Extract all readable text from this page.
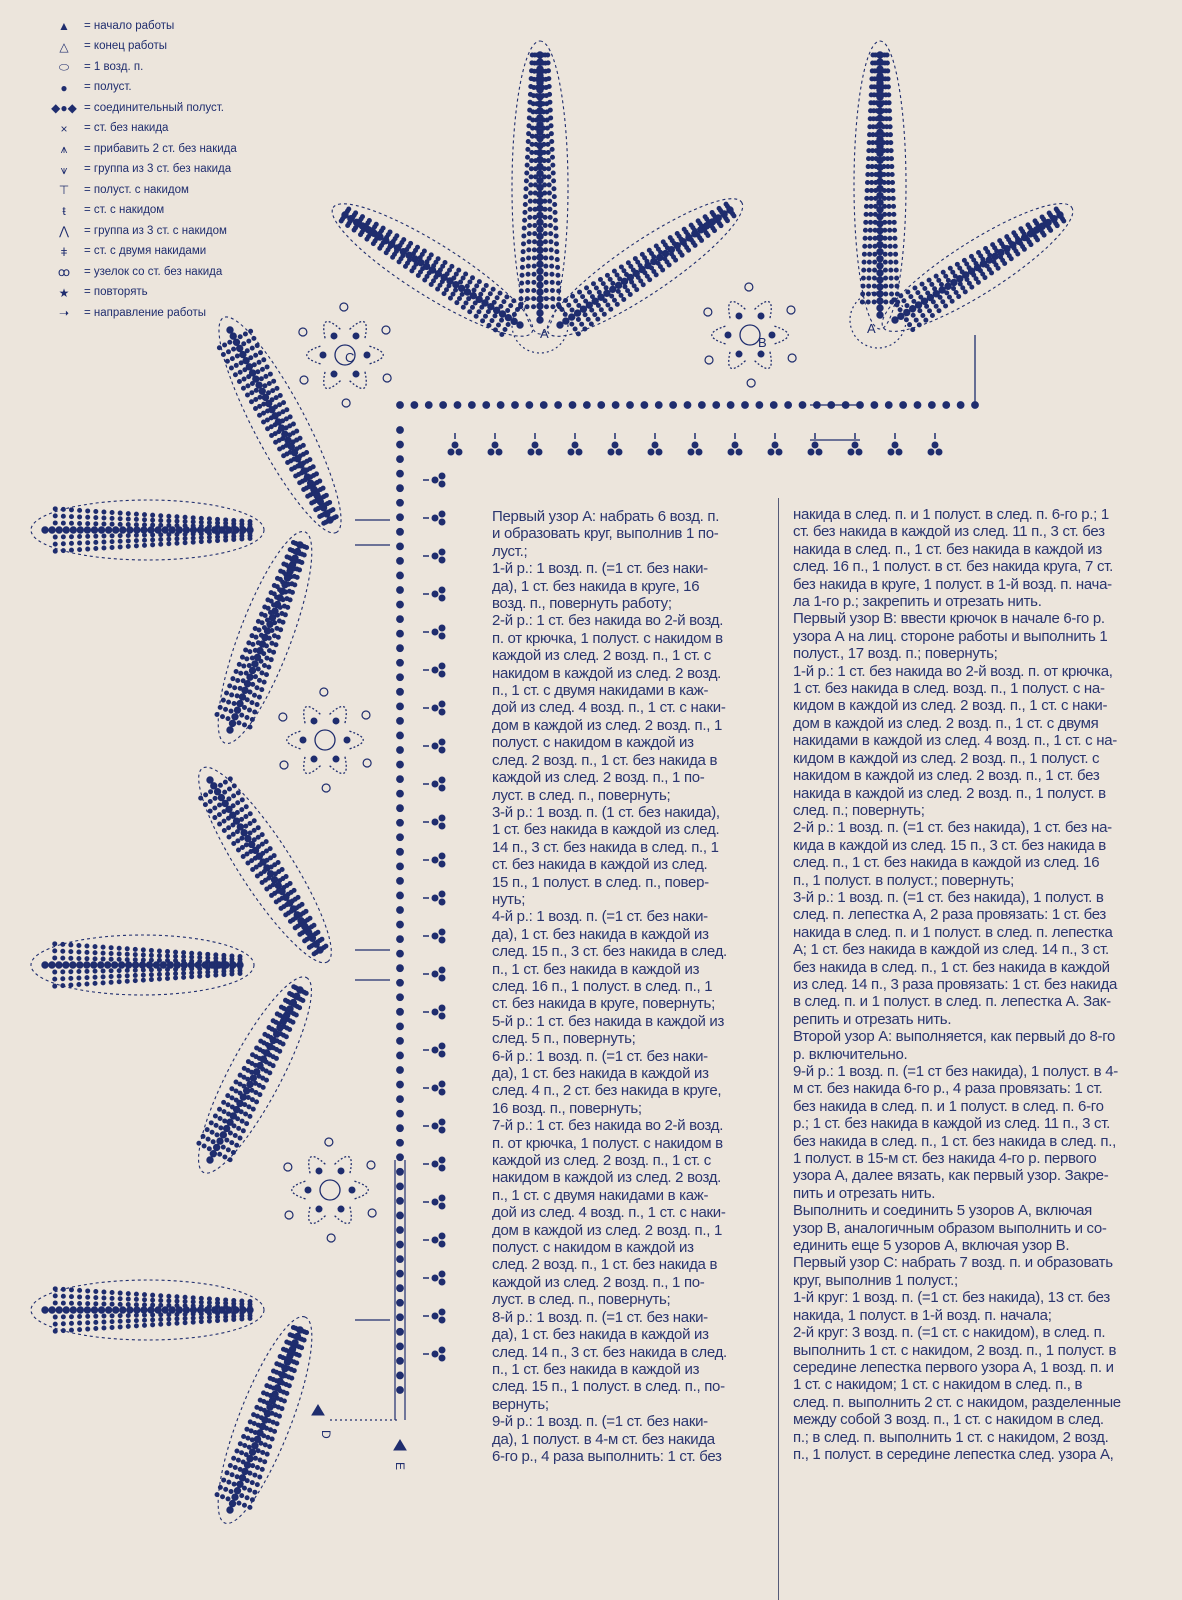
▲	= начало работы
△	= конец работы
⬭	= 1 возд. п.
●	= полуст.
◆●◆ = соединительный полуст.
×	= ст. без накида
⩚	= прибавить 2 ст. без накида
⩛	= группа из 3 ст. без накида
⊤	= полуст. с накидом
ŧ	= ст. с накидом
⋀	= группа из 3 ст. с накидом
ǂ	= ст. с двумя накидами
ꝏ	= узелок со ст. без накида
★	= повторять
➝	= направление работы
A	A
B
C
D
E

Первый узор А: набрать 6 возд. п.

и образовать круг, выполнив 1 по-

луст.;

1-й р.: 1 возд. п. (=1 ст. без наки-

да), 1 ст. без накида в круге, 16

возд. п., повернуть работу;

2-й р.: 1 ст. без накида во 2-й возд.

п. от крючка, 1 полуст. с накидом в

каждой из след. 2 возд. п., 1 ст. с

накидом в каждой из след. 2 возд.

п., 1 ст. с двумя накидами в каж-

дой из след. 4 возд. п., 1 ст. с наки-

дом в каждой из след. 2 возд. п., 1

полуст. с накидом в каждой из

след. 2 возд. п., 1 ст. без накида в

каждой из след. 2 возд. п., 1 по-

луст. в след. п., повернуть;

3-й р.: 1 возд. п. (1 ст. без накида),

1 ст. без накида в каждой из след.

14 п., 3 ст. без накида в след. п., 1

ст. без накида в каждой из след.

15 п., 1 полуст. в след. п., повер-

нуть;

4-й р.: 1 возд. п. (=1 ст. без наки-

да), 1 ст. без накида в каждой из

след. 15 п., 3 ст. без накида в след.

п., 1 ст. без накида в каждой из

след. 16 п., 1 полуст. в след. п., 1

ст. без накида в круге, повернуть;

5-й р.: 1 ст. без накида в каждой из

след. 5 п., повернуть;

6-й р.: 1 возд. п. (=1 ст. без наки-

да), 1 ст. без накида в каждой из

след. 4 п., 2 ст. без накида в круге,

16 возд. п., повернуть;

7-й р.: 1 ст. без накида во 2-й возд.

п. от крючка, 1 полуст. с накидом в

каждой из след. 2 возд. п., 1 ст. с

накидом в каждой из след. 2 возд.

п., 1 ст. с двумя накидами в каж-

дой из след. 4 возд. п., 1 ст. с наки-

дом в каждой из след. 2 возд. п., 1

полуст. с накидом в каждой из

след. 2 возд. п., 1 ст. без накида в

каждой из след. 2 возд. п., 1 по-

луст. в след. п., повернуть;

8-й р.: 1 возд. п. (=1 ст. без наки-

да), 1 ст. без накида в каждой из

след. 14 п., 3 ст. без накида в след.

п., 1 ст. без накида в каждой из

след. 15 п., 1 полуст. в след. п., по-

вернуть;

9-й р.: 1 возд. п. (=1 ст. без наки-

да), 1 полуст. в 4-м ст. без накида

6-го р., 4 раза выполнить: 1 ст. без

накида в след. п. и 1 полуст. в след. п. 6-го р.; 1

ст. без накида в каждой из след. 11 п., 3 ст. без

накида в след. п., 1 ст. без накида в каждой из

след. 16 п., 1 полуст. в ст. без накида круга, 7 ст.

без накида в круге, 1 полуст. в 1-й возд. п. нача-

ла 1-го р.; закрепить и отрезать нить.

Первый узор В: ввести крючок в начале 6-го р.

узора А на лиц. стороне работы и выполнить 1

полуст., 17 возд. п.; повернуть;

1-й р.: 1 ст. без накида во 2-й возд. п. от крючка,

1 ст. без накида в след. возд. п., 1 полуст. с на-

кидом в каждой из след. 2 возд. п., 1 ст. с наки-

дом в каждой из след. 2 возд. п., 1 ст. с двумя

накидами в каждой из след. 4 возд. п., 1 ст. с на-

кидом в каждой из след. 2 возд. п., 1 полуст. с

накидом в каждой из след. 2 возд. п., 1 ст. без

накида в каждой из след. 2 возд. п., 1 полуст. в

след. п.; повернуть;

2-й р.: 1 возд. п. (=1 ст. без накида), 1 ст. без на-

кида в каждой из след. 15 п., 3 ст. без накида в

след. п., 1 ст. без накида в каждой из след. 16

п., 1 полуст. в полуст.; повернуть;

3-й р.: 1 возд. п. (=1 ст. без накида), 1 полуст. в

след. п. лепестка А, 2 раза провязать: 1 ст. без

накида в след. п. и 1 полуст. в след. п. лепестка

А; 1 ст. без накида в каждой из след. 14 п., 3 ст.

без накида в след. п., 1 ст. без накида в каждой

из след. 14 п., 3 раза провязать: 1 ст. без накида

в след. п. и 1 полуст. в след. п. лепестка А. Зак-

репить и отрезать нить.

Второй узор А: выполняется, как первый до 8-го

р. включительно.

9-й р.: 1 возд. п. (=1 ст без накида), 1 полуст. в 4-

м ст. без накида 6-го р., 4 раза провязать: 1 ст.

без накида в след. п. и 1 полуст. в след. п. 6-го

р.; 1 ст. без накида в каждой из след. 11 п., 3 ст.

без накида в след. п., 1 ст. без накида в след. п.,

1 полуст. в 15-м ст. без накида 4-го р. первого

узора А, далее вязать, как первый узор. Закре-

пить и отрезать нить.

Выполнить и соединить 5 узоров А, включая

узор В, аналогичным образом выполнить и со-

единить еще 5 узоров А, включая узор В.

Первый узор С: набрать 7 возд. п. и образовать

круг, выполнив 1 полуст.;

1-й круг: 1 возд. п. (=1 ст. без накида), 13 ст. без

накида, 1 полуст. в 1-й возд. п. начала;

2-й круг: 3 возд. п. (=1 ст. с накидом), в след. п.

выполнить 1 ст. с накидом, 2 возд. п., 1 полуст. в

середине лепестка первого узора А, 1 возд. п. и

1 ст. с накидом; 1 ст. с накидом в след. п., в

след. п. выполнить 2 ст. с накидом, разделенные

между собой 3 возд. п., 1 ст. с накидом в след.

п.; в след. п. выполнить 1 ст. с накидом, 2 возд.

п., 1 полуст. в середине лепестка след. узора А,
